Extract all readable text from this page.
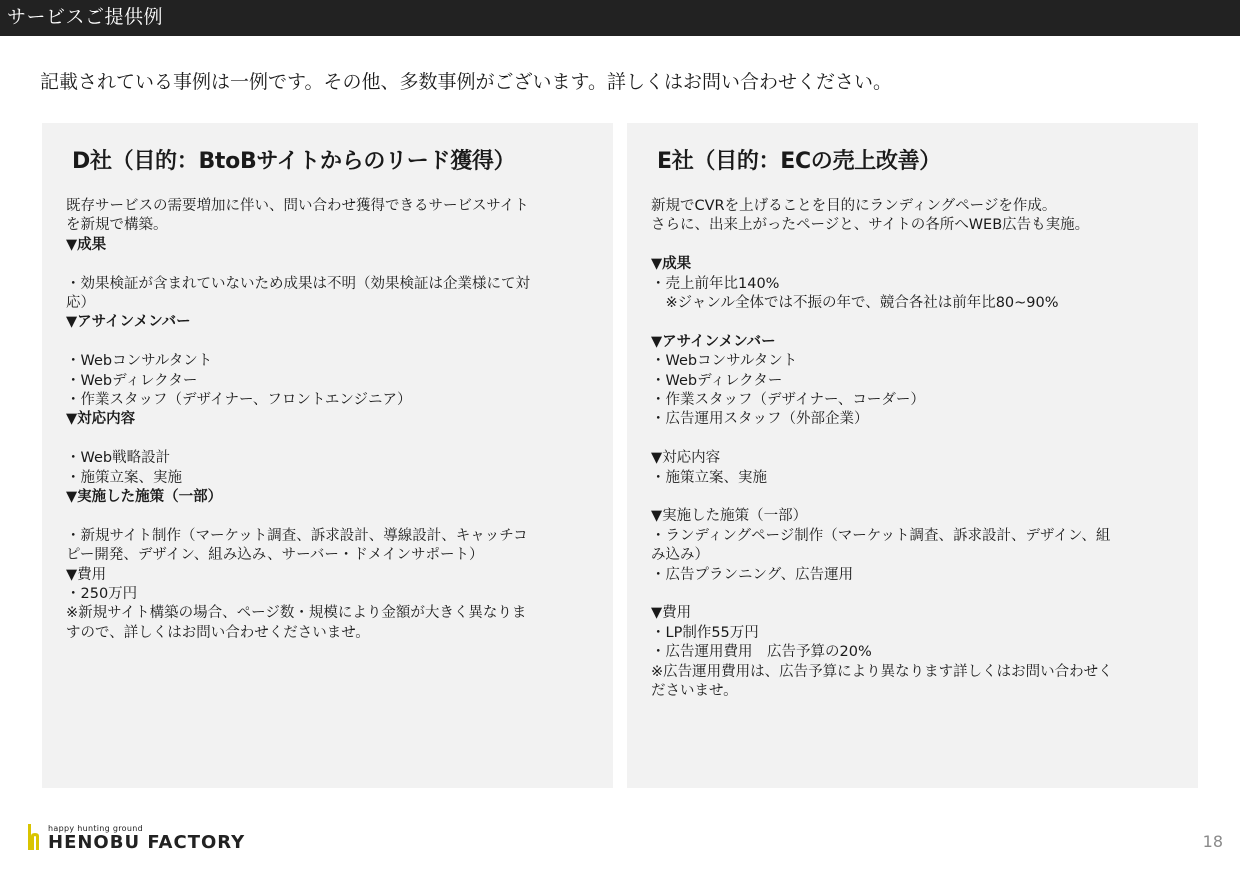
サービスご提供例
記載されている事例は一例です。その他、多数事例がございます。詳しくはお問い合わせください。
D社（目的：BtoBサイトからのリード獲得）
既存サービスの需要増加に伴い、問い合わせ獲得できるサービスサイト
を新規で構築。
▼成果
・効果検証が含まれていないため成果は不明（効果検証は企業様にて対
応）
▼アサインメンバー
・Webコンサルタント
・Webディレクター
・作業スタッフ（デザイナー、フロントエンジニア）
▼対応内容
・Web戦略設計
・施策立案、実施
▼実施した施策（一部）
・新規サイト制作（マーケット調査、訴求設計、導線設計、キャッチコ
ピー開発、デザイン、組み込み、サーバー・ドメインサポート）
▼費用
・250万円
※新規サイト構築の場合、ページ数・規模により金額が大きく異なりま
すので、詳しくはお問い合わせくださいませ。
E社（目的：ECの売上改善）
新規でCVRを上げることを目的にランディングページを作成。
さらに、出来上がったページと、サイトの各所へWEB広告も実施。
▼成果
・売上前年比140%
　※ジャンル全体では不振の年で、競合各社は前年比80~90%
▼アサインメンバー
・Webコンサルタント
・Webディレクター
・作業スタッフ（デザイナー、コーダー）
・広告運用スタッフ（外部企業）
▼対応内容
・施策立案、実施
▼実施した施策（一部）
・ランディングページ制作（マーケット調査、訴求設計、デザイン、組
み込み）
・広告プランニング、広告運用
▼費用
・LP制作55万円
・広告運用費用　広告予算の20%
※広告運用費用は、広告予算により異なります詳しくはお問い合わせく
ださいませ。
happy hunting ground
HENOBU FACTORY	18
